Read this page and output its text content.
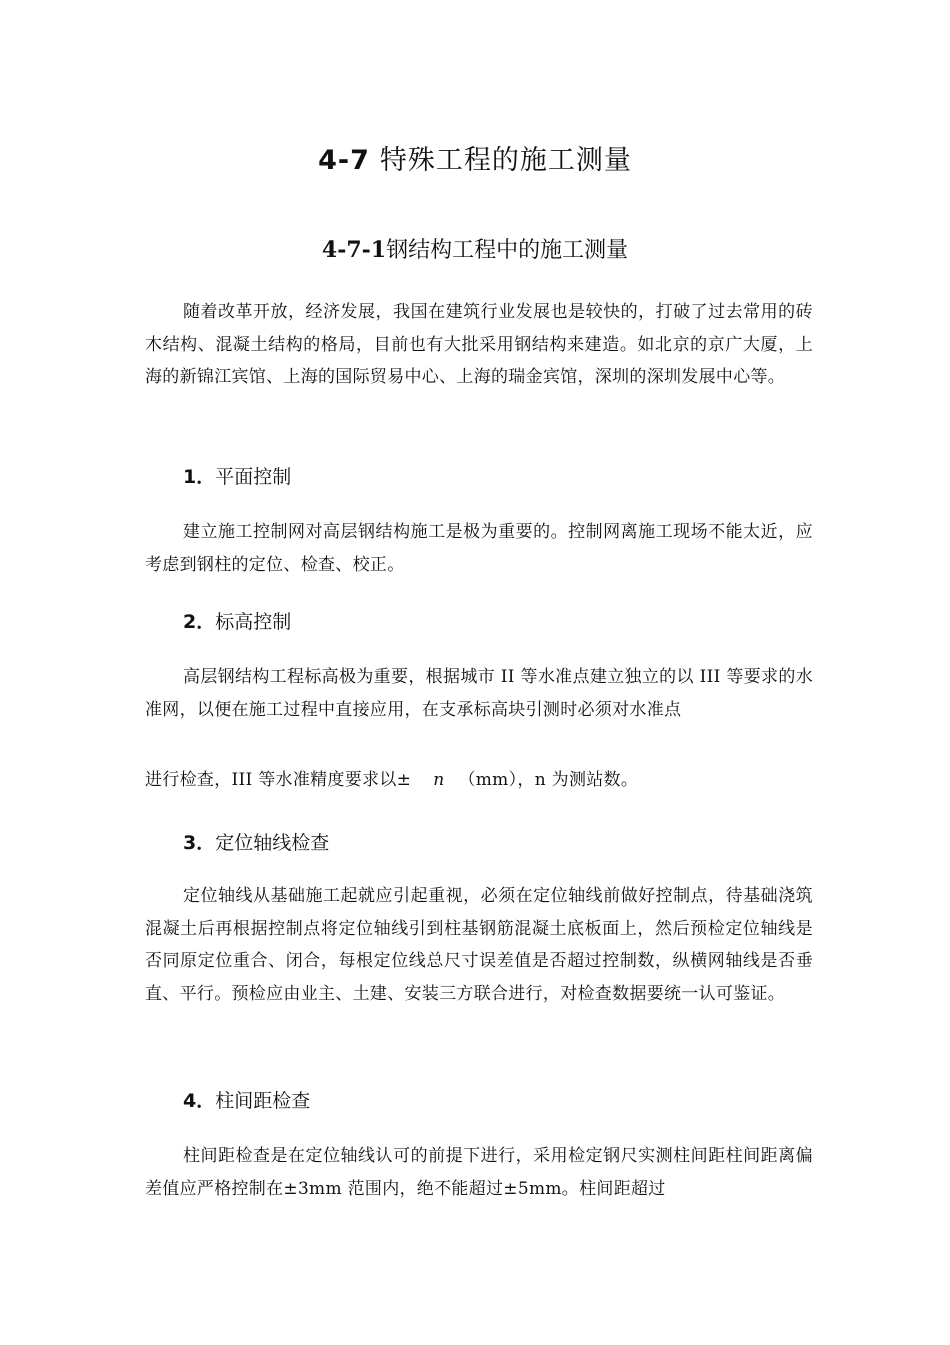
4-7 特殊工程的施工测量
4-7-1钢结构工程中的施工测量

随着改革开放，经济发展，我国在建筑行业发展也是较快的，打破了过去常用的砖木结构、混凝土结构的格局，目前也有大批采用钢结构来建造。如北京的京广大厦，上海的新锦江宾馆、上海的国际贸易中心、上海的瑞金宾馆，深圳的深圳发展中心等。

1．平面控制

建立施工控制网对高层钢结构施工是极为重要的。控制网离施工现场不能太近，应考虑到钢柱的定位、检查、校正。

2．标高控制

高层钢结构工程标高极为重要，根据城市 II 等水准点建立独立的以 III 等要求的水准网，以便在施工过程中直接应用，在支承标高块引测时必须对水准点

进行检查，III 等水准精度要求以± n （mm），n 为测站数。

3．定位轴线检查

定位轴线从基础施工起就应引起重视，必须在定位轴线前做好控制点，待基础浇筑混凝土后再根据控制点将定位轴线引到柱基钢筋混凝土底板面上，然后预检定位轴线是否同原定位重合、闭合，每根定位线总尺寸误差值是否超过控制数，纵横网轴线是否垂直、平行。预检应由业主、土建、安装三方联合进行，对检查数据要统一认可鉴证。

4．柱间距检查

柱间距检查是在定位轴线认可的前提下进行，采用检定钢尺实测柱间距柱间距离偏差值应严格控制在±3mm 范围内，绝不能超过±5mm。柱间距超过
